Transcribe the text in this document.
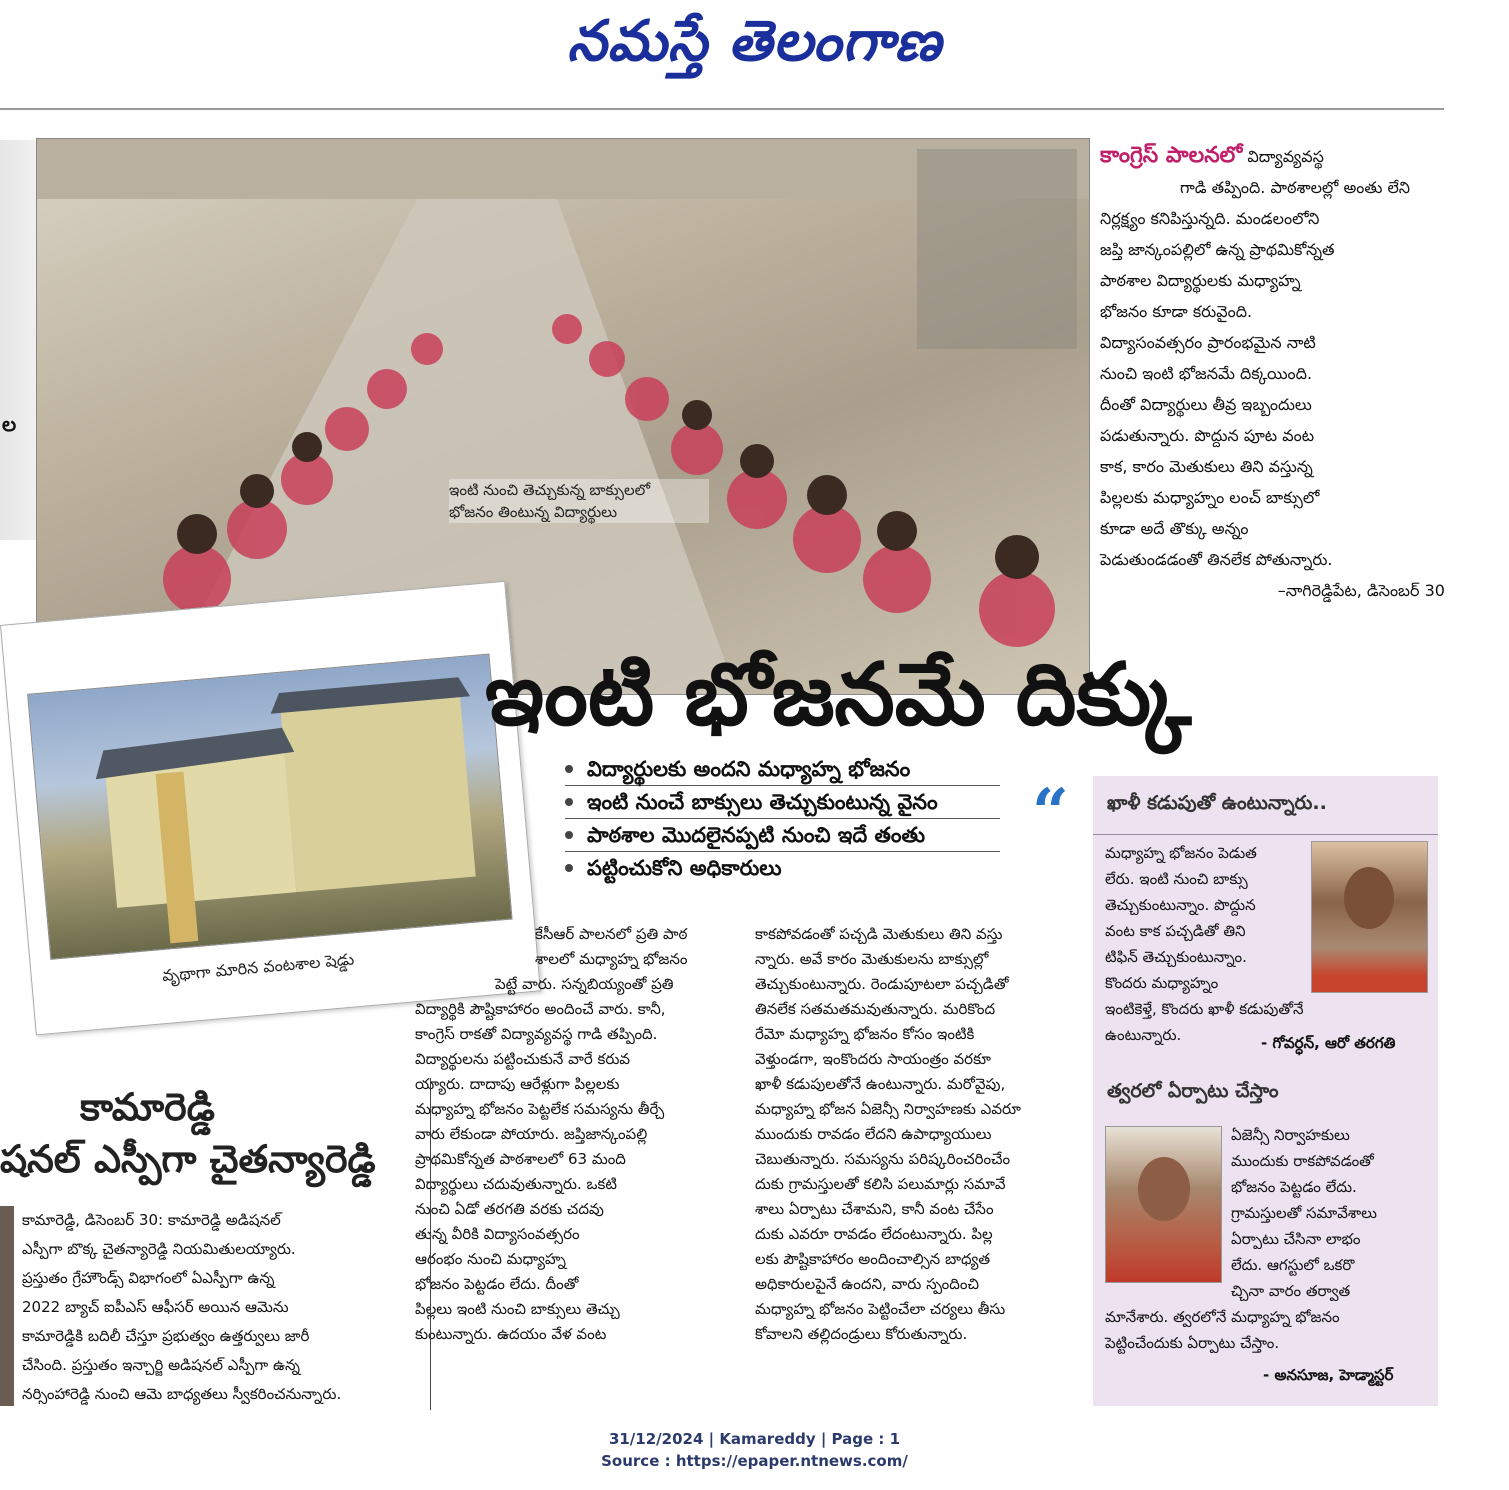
నమస్తే తెలంగాణ
ల
ఇంటి నుంచి తెచ్చుకున్న బాక్సులలో
భోజనం తింటున్న విద్యార్థులు
కాంగ్రెస్ పాలనలో విద్యావ్యవస్థ
గాడి తప్పింది. పాఠశాలల్లో అంతు లేని
నిర్లక్ష్యం కనిపిస్తున్నది. మండలంలోని
జప్తి జాన్కంపల్లిలో ఉన్న ప్రాథమికోన్నత
పాఠశాల విద్యార్థులకు మధ్యాహ్న
భోజనం కూడా కరువైంది.
విద్యాసంవత్సరం ప్రారంభమైన నాటి
నుంచి ఇంటి భోజనమే దిక్కయింది.
దీంతో విద్యార్థులు తీవ్ర ఇబ్బందులు
పడుతున్నారు. పొద్దున పూట వంట
కాక, కారం మెతుకులు తిని వస్తున్న
పిల్లలకు మధ్యాహ్నం లంచ్ బాక్సులో
కూడా అదే తొక్కు అన్నం
పెడుతుండడంతో తినలేక పోతున్నారు.
–నాగిరెడ్డిపేట, డిసెంబర్ 30
వృథాగా మారిన వంటశాల షెడ్డు
ఇంటి భోజనమే దిక్కు
విద్యార్థులకు అందని మధ్యాహ్న భోజనం
ఇంటి నుంచే బాక్సులు తెచ్చుకుంటున్న వైనం
పాఠశాల మొదలైనప్పటి నుంచి ఇదే తంతు
పట్టించుకోని అధికారులు
“
కేసీఆర్ పాలనలో ప్రతి పాఠ
శాలలో మధ్యాహ్న భోజనం
పెట్టే వారు. సన్నబియ్యంతో ప్రతి
విద్యార్థికి పౌష్టికాహారం అందించే వారు. కానీ,
కాంగ్రెస్ రాకతో విద్యావ్యవస్థ గాడి తప్పింది.
విద్యార్థులను పట్టించుకునే వారే కరువ
య్యారు. దాదాపు ఆరేళ్లుగా పిల్లలకు
మధ్యాహ్న భోజనం పెట్టలేక సమస్యను తీర్చే
వారు లేకుండా పోయారు. జప్తిజాన్కంపల్లి
ప్రాథమికోన్నత పాఠశాలలో 63 మంది
విద్యార్థులు చదువుతున్నారు. ఒకటి
నుంచి ఏడో తరగతి వరకు చదవు
తున్న వీరికి విద్యాసంవత్సరం
ఆరంభం నుంచి మధ్యాహ్న
భోజనం పెట్టడం లేదు. దీంతో
పిల్లలు ఇంటి నుంచి బాక్సులు తెచ్చు
కుంటున్నారు. ఉదయం వేళ వంట
కాకపోవడంతో పచ్చడి మెతుకులు తిని వస్తు
న్నారు. అవే కారం మెతుకులను బాక్సుల్లో
తెచ్చుకుంటున్నారు. రెండుపూటలా పచ్చడితో
తినలేక సతమతమవుతున్నారు. మరికొంద
రేమో మధ్యాహ్న భోజనం కోసం ఇంటికి
వెళ్తుండగా, ఇంకొందరు సాయంత్రం వరకూ
ఖాళీ కడుపులతోనే ఉంటున్నారు. మరోవైపు,
మధ్యాహ్న భోజన ఏజెన్సీ నిర్వాహణకు ఎవరూ
ముందుకు రావడం లేదని ఉపాధ్యాయులు
చెబుతున్నారు. సమస్యను పరిష్కరించరించేం
దుకు గ్రామస్తులతో కలిసి పలుమార్లు సమావే
శాలు ఏర్పాటు చేశామని, కానీ వంట చేసేం
దుకు ఎవరూ రావడం లేదంటున్నారు. పిల్ల
లకు పౌష్టికాహారం అందించాల్సిన బాధ్యత
అధికారులపైనే ఉందని, వారు స్పందించి
మధ్యాహ్న భోజనం పెట్టించేలా చర్యలు తీసు
కోవాలని తల్లిదండ్రులు కోరుతున్నారు.
ఖాళీ కడుపుతో ఉంటున్నారు..
మధ్యాహ్న భోజనం పెడుత
లేరు. ఇంటి నుంచి బాక్సు
తెచ్చుకుంటున్నాం. పొద్దున
వంట కాక పచ్చడితో తిని
టిఫిన్ తెచ్చుకుంటున్నాం.
కొందరు మధ్యాహ్నం
ఇంటికెళ్తే, కొందరు ఖాళీ కడుపుతోనే
ఉంటున్నారు.	- గోవర్ధన్, ఆరో తరగతి
త్వరలో ఏర్పాటు చేస్తాం
ఏజెన్సీ నిర్వాహకులు
ముందుకు రాకపోవడంతో
భోజనం పెట్టడం లేదు.
గ్రామస్తులతో సమావేశాలు
ఏర్పాటు చేసినా లాభం
లేదు. ఆగస్టులో ఒకరొ
చ్చినా వారం తర్వాత
మానేశారు. త్వరలోనే మధ్యాహ్న భోజనం
పెట్టించేందుకు ఏర్పాటు చేస్తాం.
- అనసూజ, హెడ్మాస్టర్
కామారెడ్డి
షనల్ ఎస్పీగా చైతన్యారెడ్డి
కామారెడ్డి, డిసెంబర్ 30: కామారెడ్డి అడిషనల్
ఎస్పీగా బొక్క చైతన్యారెడ్డి నియమితులయ్యారు.
ప్రస్తుతం గ్రేహౌండ్స్ విభాగంలో ఏఎస్పీగా ఉన్న
2022 బ్యాచ్ ఐపీఎస్ ఆఫీసర్ అయిన ఆమెను
కామారెడ్డికి బదిలీ చేస్తూ ప్రభుత్వం ఉత్తర్వులు జారీ
చేసింది. ప్రస్తుతం ఇన్చార్జి అడిషనల్ ఎస్పీగా ఉన్న
నర్సింహారెడ్డి నుంచి ఆమె బాధ్యతలు స్వీకరించనున్నారు.
31/12/2024 | Kamareddy | Page : 1
Source : https://epaper.ntnews.com/
